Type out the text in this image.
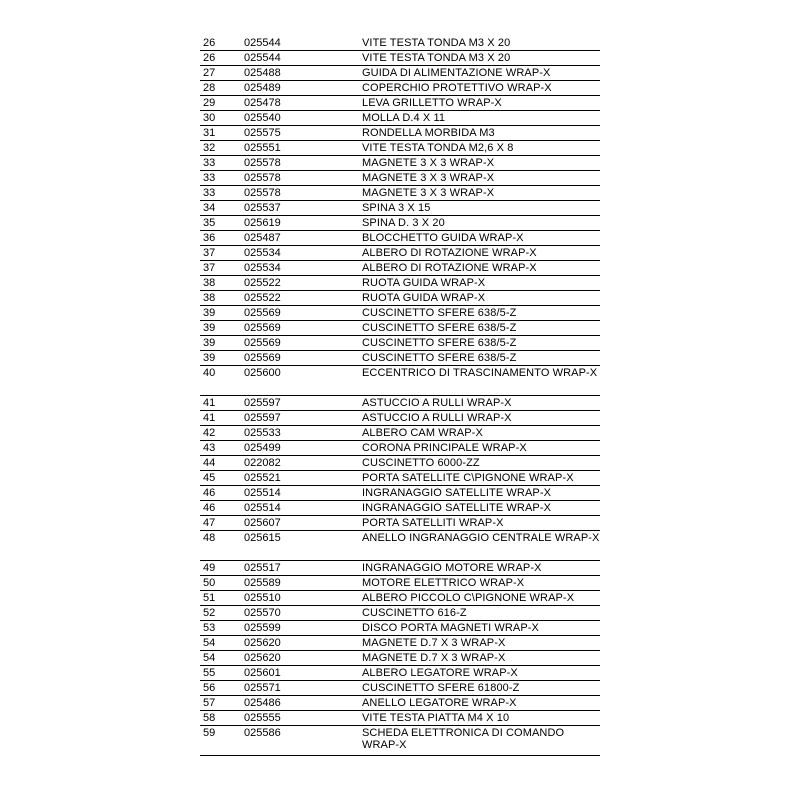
26	025544	VITE TESTA TONDA M3 X 20
26	025544	VITE TESTA TONDA M3 X 20
27	025488	GUIDA DI ALIMENTAZIONE WRAP-X
28	025489	COPERCHIO PROTETTIVO WRAP-X
29	025478	LEVA GRILLETTO WRAP-X
30	025540	MOLLA D.4 X 11
31	025575	RONDELLA MORBIDA M3
32	025551	VITE TESTA TONDA M2,6 X 8
33	025578	MAGNETE 3 X 3 WRAP-X
33	025578	MAGNETE 3 X 3 WRAP-X
33	025578	MAGNETE 3 X 3 WRAP-X
34	025537	SPINA 3 X 15
35	025619	SPINA D. 3 X 20
36	025487	BLOCCHETTO GUIDA WRAP-X
37	025534	ALBERO DI ROTAZIONE WRAP-X
37	025534	ALBERO DI ROTAZIONE WRAP-X
38	025522	RUOTA GUIDA WRAP-X
38	025522	RUOTA GUIDA WRAP-X
39	025569	CUSCINETTO SFERE 638/5-Z
39	025569	CUSCINETTO SFERE 638/5-Z
39	025569	CUSCINETTO SFERE 638/5-Z
39	025569	CUSCINETTO SFERE 638/5-Z
40	025600	ECCENTRICO DI TRASCINAMENTO WRAP-X
41	025597	ASTUCCIO A RULLI WRAP-X
41	025597	ASTUCCIO A RULLI WRAP-X
42	025533	ALBERO CAM WRAP-X
43	025499	CORONA PRINCIPALE WRAP-X
44	022082	CUSCINETTO 6000-ZZ
45	025521	PORTA SATELLITE C\PIGNONE WRAP-X
46	025514	INGRANAGGIO SATELLITE WRAP-X
46	025514	INGRANAGGIO SATELLITE WRAP-X
47	025607	PORTA SATELLITI WRAP-X
48	025615	ANELLO INGRANAGGIO CENTRALE WRAP-X
49	025517	INGRANAGGIO MOTORE WRAP-X
50	025589	MOTORE ELETTRICO WRAP-X
51	025510	ALBERO PICCOLO C\PIGNONE WRAP-X
52	025570	CUSCINETTO 616-Z
53	025599	DISCO PORTA MAGNETI WRAP-X
54	025620	MAGNETE D.7 X 3 WRAP-X
54	025620	MAGNETE D.7 X 3 WRAP-X
55	025601	ALBERO LEGATORE WRAP-X
56	025571	CUSCINETTO SFERE 61800-Z
57	025486	ANELLO LEGATORE WRAP-X
58	025555	VITE TESTA PIATTA M4 X 10
59	025586	SCHEDA ELETTRONICA DI COMANDO WRAP-X
